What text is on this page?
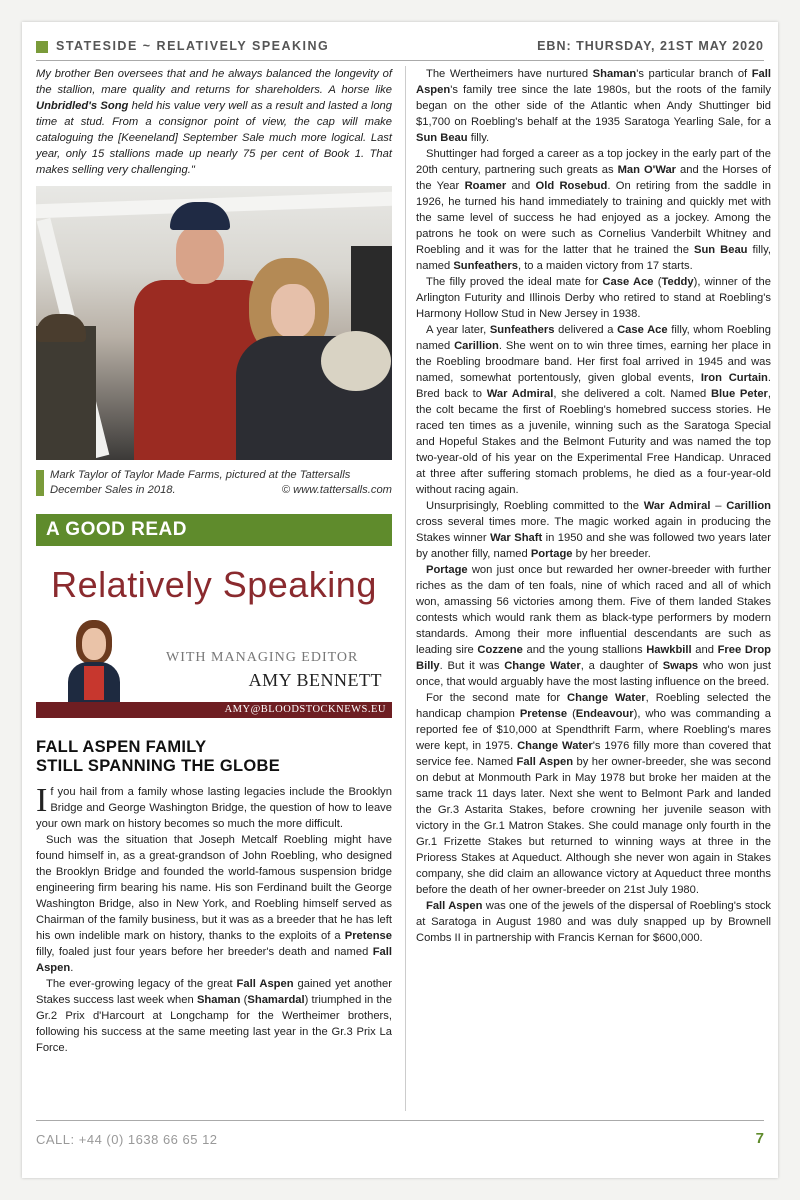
STATESIDE ~ RELATIVELY SPEAKING	EBN: THURSDAY, 21ST MAY 2020

My brother Ben oversees that and he always balanced the longevity of the stallion, mare quality and returns for shareholders. A horse like Unbridled's Song held his value very well as a result and lasted a long time at stud. From a consignor point of view, the cap will make cataloguing the [Keeneland] September Sale much more logical. Last year, only 15 stallions made up nearly 75 per cent of Book 1. That makes selling very challenging."

Mark Taylor of Taylor Made Farms, pictured at the Tattersalls December Sales in 2018.	© www.tattersalls.com
A GOOD READ
Relatively Speaking
WITH MANAGING EDITOR
AMY BENNETT
AMY@BLOODSTOCKNEWS.EU
FALL ASPEN FAMILY
STILL SPANNING THE GLOBE

If you hail from a family whose lasting legacies include the Brooklyn Bridge and George Washington Bridge, the question of how to leave your own mark on history becomes so much the more difficult.

Such was the situation that Joseph Metcalf Roebling might have found himself in, as a great-grandson of John Roebling, who designed the Brooklyn Bridge and founded the world-famous suspension bridge engineering firm bearing his name. His son Ferdinand built the George Washington Bridge, also in New York, and Roebling himself served as Chairman of the family business, but it was as a breeder that he has left his own indelible mark on history, thanks to the exploits of a Pretense filly, foaled just four years before her breeder's death and named Fall Aspen.

The ever-growing legacy of the great Fall Aspen gained yet another Stakes success last week when Shaman (Shamardal) triumphed in the Gr.2 Prix d'Harcourt at Longchamp for the Wertheimer brothers, following his success at the same meeting last year in the Gr.3 Prix La Force.

The Wertheimers have nurtured Shaman's particular branch of Fall Aspen's family tree since the late 1980s, but the roots of the family began on the other side of the Atlantic when Andy Shuttinger bid $1,700 on Roebling's behalf at the 1935 Saratoga Yearling Sale, for a Sun Beau filly.

Shuttinger had forged a career as a top jockey in the early part of the 20th century, partnering such greats as Man O'War and the Horses of the Year Roamer and Old Rosebud. On retiring from the saddle in 1926, he turned his hand immediately to training and quickly met with the same level of success he had enjoyed as a jockey. Among the patrons he took on were such as Cornelius Vanderbilt Whitney and Roebling and it was for the latter that he trained the Sun Beau filly, named Sunfeathers, to a maiden victory from 17 starts.

The filly proved the ideal mate for Case Ace (Teddy), winner of the Arlington Futurity and Illinois Derby who retired to stand at Roebling's Harmony Hollow Stud in New Jersey in 1938.

A year later, Sunfeathers delivered a Case Ace filly, whom Roebling named Carillion. She went on to win three times, earning her place in the Roebling broodmare band. Her first foal arrived in 1945 and was named, somewhat portentously, given global events, Iron Curtain. Bred back to War Admiral, she delivered a colt. Named Blue Peter, the colt became the first of Roebling's homebred success stories. He raced ten times as a juvenile, winning such as the Saratoga Special and Hopeful Stakes and the Belmont Futurity and was named the top two-year-old of his year on the Experimental Free Handicap. Unraced at three after suffering stomach problems, he died as a four-year-old without racing again.

Unsurprisingly, Roebling committed to the War Admiral – Carillion cross several times more. The magic worked again in producing the Stakes winner War Shaft in 1950 and she was followed two years later by another filly, named Portage by her breeder.

Portage won just once but rewarded her owner-breeder with further riches as the dam of ten foals, nine of which raced and all of which won, amassing 56 victories among them. Five of them landed Stakes contests which would rank them as black-type performers by modern standards. Among their more influential descendants are such as leading sire Cozzene and the young stallions Hawkbill and Free Drop Billy. But it was Change Water, a daughter of Swaps who won just once, that would arguably have the most lasting influence on the breed.

For the second mate for Change Water, Roebling selected the handicap champion Pretense (Endeavour), who was commanding a reported fee of $10,000 at Spendthrift Farm, where Roebling's mares were kept, in 1975. Change Water's 1976 filly more than covered that service fee. Named Fall Aspen by her owner-breeder, she was second on debut at Monmouth Park in May 1978 but broke her maiden at the same track 11 days later. Next she went to Belmont Park and landed the Gr.3 Astarita Stakes, before crowning her juvenile season with victory in the Gr.1 Matron Stakes. She could manage only fourth in the Gr.1 Frizette Stakes but returned to winning ways at three in the Prioress Stakes at Aqueduct. Although she never won again in Stakes company, she did claim an allowance victory at Aqueduct three months before the death of her owner-breeder on 21st July 1980.

Fall Aspen was one of the jewels of the dispersal of Roebling's stock at Saratoga in August 1980 and was duly snapped up by Brownell Combs II in partnership with Francis Kernan for $600,000.

CALL: +44 (0) 1638 66 65 12	7
